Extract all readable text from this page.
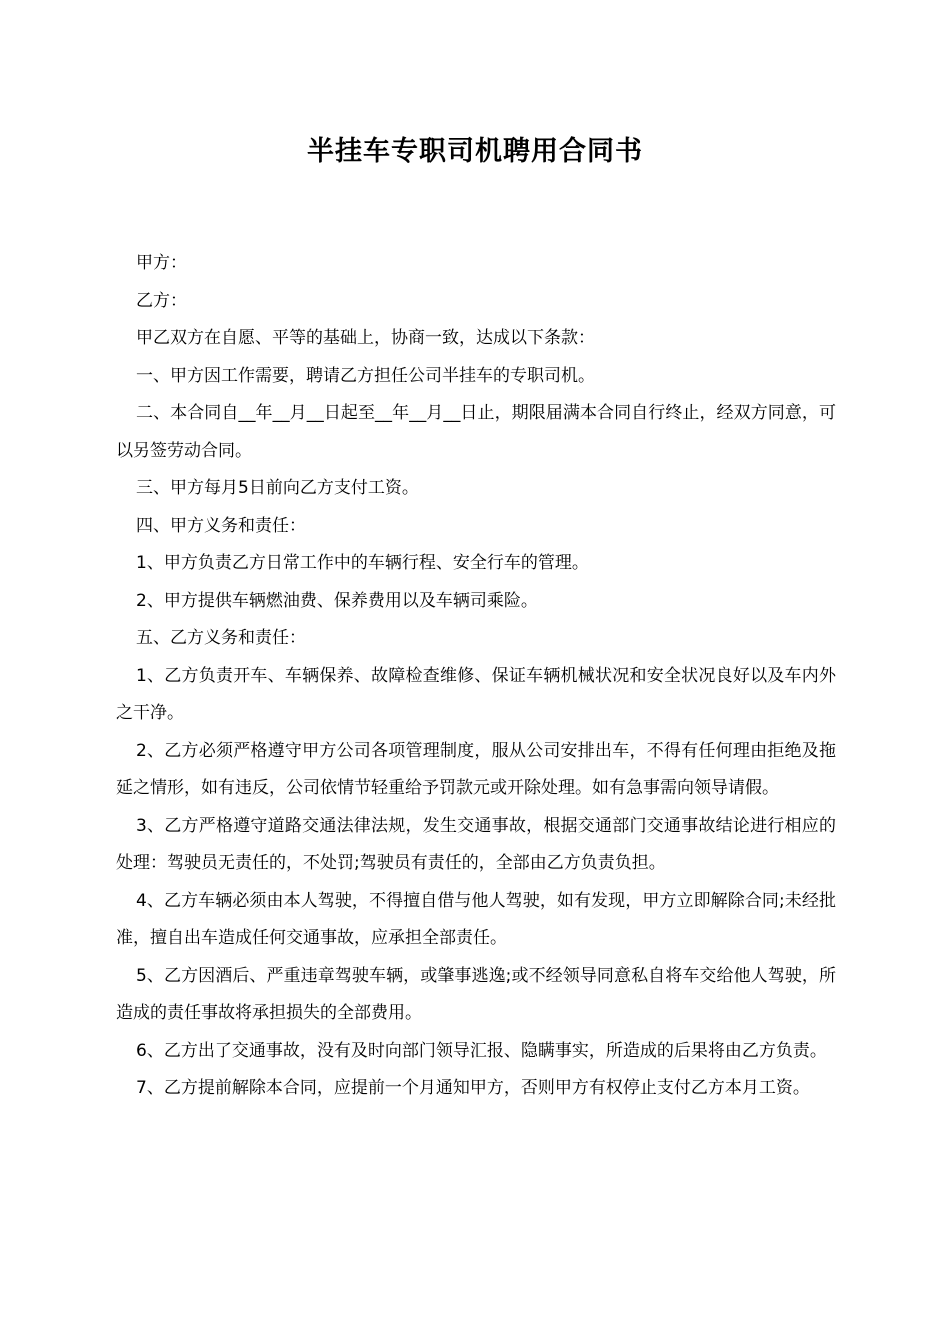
半挂车专职司机聘用合同书

甲方：

乙方：

甲乙双方在自愿、平等的基础上，协商一致，达成以下条款：

一、甲方因工作需要，聘请乙方担任公司半挂车的专职司机。

二、本合同自__年__月__日起至__年__月__日止，期限届满本合同自行终止，经双方同意，可以另签劳动合同。

三、甲方每月5日前向乙方支付工资。

四、甲方义务和责任：

1、甲方负责乙方日常工作中的车辆行程、安全行车的管理。

2、甲方提供车辆燃油费、保养费用以及车辆司乘险。

五、乙方义务和责任：

1、乙方负责开车、车辆保养、故障检查维修、保证车辆机械状况和安全状况良好以及车内外之干净。

2、乙方必须严格遵守甲方公司各项管理制度，服从公司安排出车，不得有任何理由拒绝及拖延之情形，如有违反，公司依情节轻重给予罚款元或开除处理。如有急事需向领导请假。

3、乙方严格遵守道路交通法律法规，发生交通事故，根据交通部门交通事故结论进行相应的处理：驾驶员无责任的，不处罚;驾驶员有责任的，全部由乙方负责负担。

4、乙方车辆必须由本人驾驶，不得擅自借与他人驾驶，如有发现，甲方立即解除合同;未经批准，擅自出车造成任何交通事故，应承担全部责任。

5、乙方因酒后、严重违章驾驶车辆，或肇事逃逸;或不经领导同意私自将车交给他人驾驶，所造成的责任事故将承担损失的全部费用。

6、乙方出了交通事故，没有及时向部门领导汇报、隐瞒事实，所造成的后果将由乙方负责。

7、乙方提前解除本合同，应提前一个月通知甲方，否则甲方有权停止支付乙方本月工资。
